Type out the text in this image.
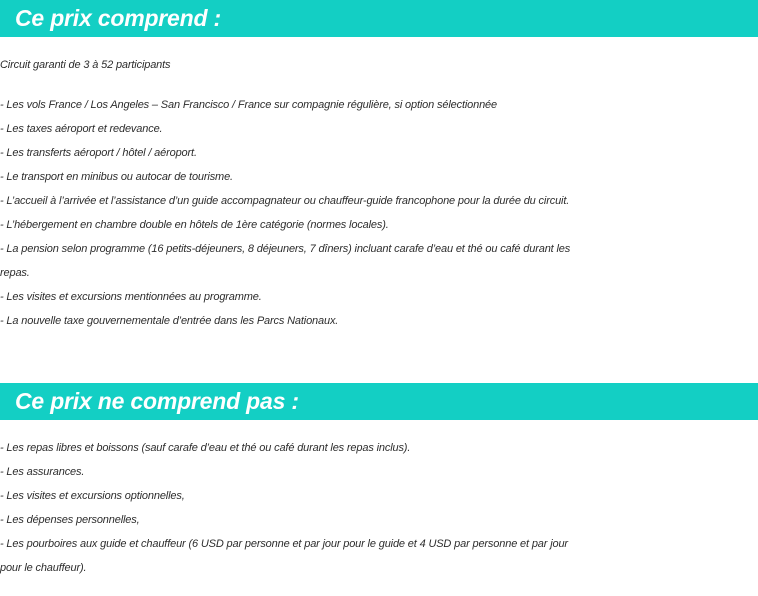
Ce prix comprend :
Circuit garanti de 3 à 52 participants
- Les vols France / Los Angeles – San Francisco / France sur compagnie régulière, si option sélectionnée
- Les taxes aéroport et redevance.
- Les transferts aéroport / hôtel / aéroport.
- Le transport en minibus ou autocar de tourisme.
- L’accueil à l’arrivée et l’assistance d’un guide accompagnateur ou chauffeur-guide francophone pour la durée du circuit.
- L’hébergement en chambre double en hôtels de 1ère catégorie (normes locales).
- La pension selon programme (16 petits-déjeuners, 8 déjeuners, 7 dîners) incluant carafe d’eau et thé ou café durant les
repas.
- Les visites et excursions mentionnées au programme.
- La nouvelle taxe gouvernementale d’entrée dans les Parcs Nationaux.
Ce prix ne comprend pas :
- Les repas libres et boissons (sauf carafe d’eau et thé ou café durant les repas inclus).
- Les assurances.
- Les visites et excursions optionnelles,
- Les dépenses personnelles,
- Les pourboires aux guide et chauffeur (6 USD par personne et par jour pour le guide et 4 USD par personne et par jour
pour le chauffeur).
